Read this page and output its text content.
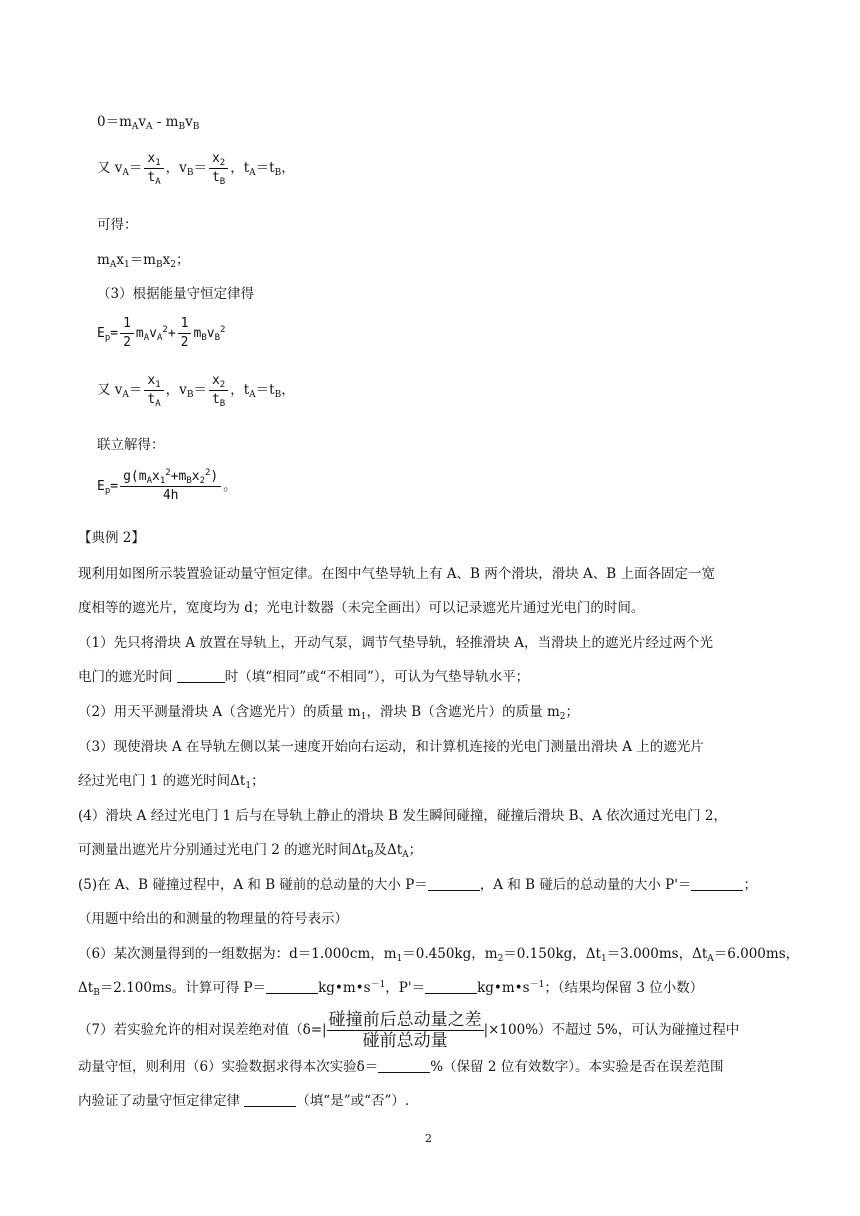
$0=m_Av_A - m_Bv_B$
又 $v_A= \frac{x_1}{t_A}$ ，$v_B= \frac{x_2}{t_B}$ ，$t_A=t_B$，
可得：
$m_Ax_1=m_Bx_2$；
（3）根据能量守恒定律得
$E_p= \frac{1}{2} m_Av_A^2+ \frac{1}{2} m_Bv_B^2$
又 $v_A= \frac{x_1}{t_A}$ ，$v_B= \frac{x_2}{t_B}$ ，$t_A=t_B$，
联立解得：
$E_p= \frac{g(m_Ax_1^2+m_Bx_2^2)}{4h}$ 。
【典例 2】
现利用如图所示装置验证动量守恒定律。在图中气垫导轨上有 A、B 两个滑块，滑块 A、B 上面各固定一宽
度相等的遮光片，宽度均为 d；光电计数器（未完全画出）可以记录遮光片通过光电门的时间。
（1）先只将滑块 A 放置在导轨上，开动气泵，调节气垫导轨，轻推滑块 A，当滑块上的遮光片经过两个光
电门的遮光时间	时（填“相同”或“不相同”），可认为气垫导轨水平；
（2）用天平测量滑块 A（含遮光片）的质量 $m_1$，滑块 B（含遮光片）的质量 $m_2$；
（3）现使滑块 A 在导轨左侧以某一速度开始向右运动，和计算机连接的光电门测量出滑块 A 上的遮光片
经过光电门 1 的遮光时间$\Delta t_1$；
(4）滑块 A 经过光电门 1 后与在导轨上静止的滑块 B 发生瞬间碰撞，碰撞后滑块 B、A 依次通过光电门 2，
可测量出遮光片分别通过光电门 2 的遮光时间$\Delta t_B$及$\Delta t_A$；
(5)在 A、B 碰撞过程中，A 和 B 碰前的总动量的大小 P＝	，A 和 B 碰后的总动量的大小 P'＝	；
（用题中给出的和测量的物理量的符号表示）
（6）某次测量得到的一组数据为：d＝1.000cm，$m_1=0.450kg$，$m_2=0.150kg$，$\Delta t_1=3.000ms$，$\Delta t_A=6.000ms$，
$\Delta t_B=2.100ms$。计算可得 P＝	$kg•m•s^{-1}$，P'＝	$kg•m•s^{-1}$；（结果均保留 3 位小数）
（7）若实验允许的相对误差绝对值$(\delta=| \frac{\text{碰撞前后总动量之差}}{\text{碰前总动量}} |\times 100\%)$不超过 5%，可认为碰撞过程中
动量守恒，则利用（6）实验数据求得本次实验δ＝	%（保留 2 位有效数字）。本实验是否在误差范围
内验证了动量守恒定律定律	（填“是”或“否”）.
2
